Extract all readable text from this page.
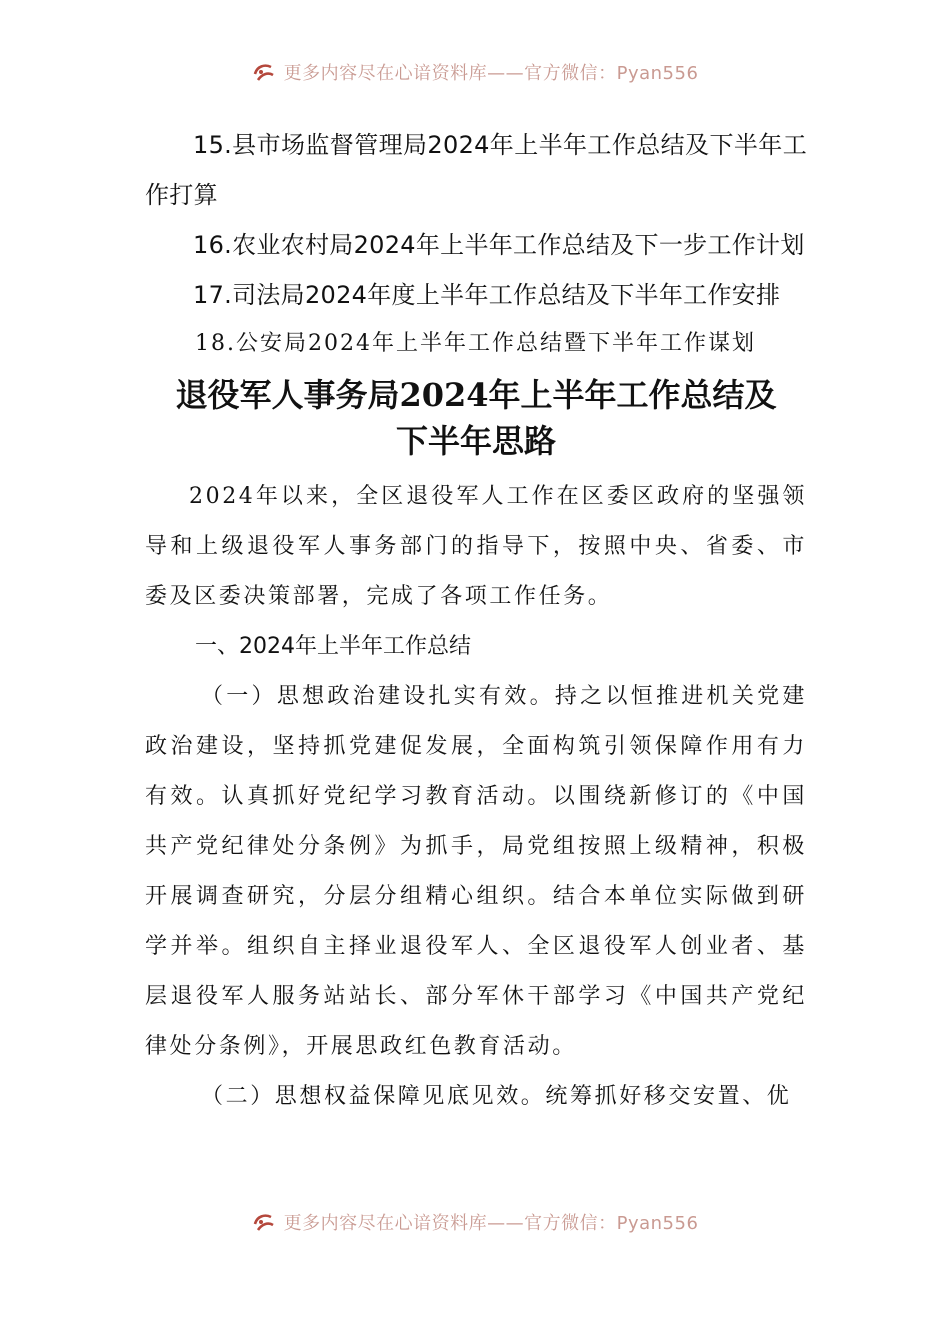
更多内容尽在心谙资料库——官方微信：Pyan556

15.县市场监督管理局2024年上半年工作总结及下半年工作打算

16.农业农村局2024年上半年工作总结及下一步工作计划

17.司法局2024年度上半年工作总结及下半年工作安排

18.公安局2024年上半年工作总结暨下半年工作谋划

退役军人事务局2024年上半年工作总结及
下半年思路

2024年以来，全区退役军人工作在区委区政府的坚强领导和上级退役军人事务部门的指导下，按照中央、省委、市委及区委决策部署，完成了各项工作任务。

一、2024年上半年工作总结

（一）思想政治建设扎实有效。持之以恒推进机关党建政治建设，坚持抓党建促发展，全面构筑引领保障作用有力有效。认真抓好党纪学习教育活动。以围绕新修订的《中国共产党纪律处分条例》为抓手，局党组按照上级精神，积极开展调查研究，分层分组精心组织。结合本单位实际做到研学并举。组织自主择业退役军人、全区退役军人创业者、基层退役军人服务站站长、部分军休干部学习《中国共产党纪律处分条例》，开展思政红色教育活动。

（二）思想权益保障见底见效。统筹抓好移交安置、优

更多内容尽在心谙资料库——官方微信：Pyan556
